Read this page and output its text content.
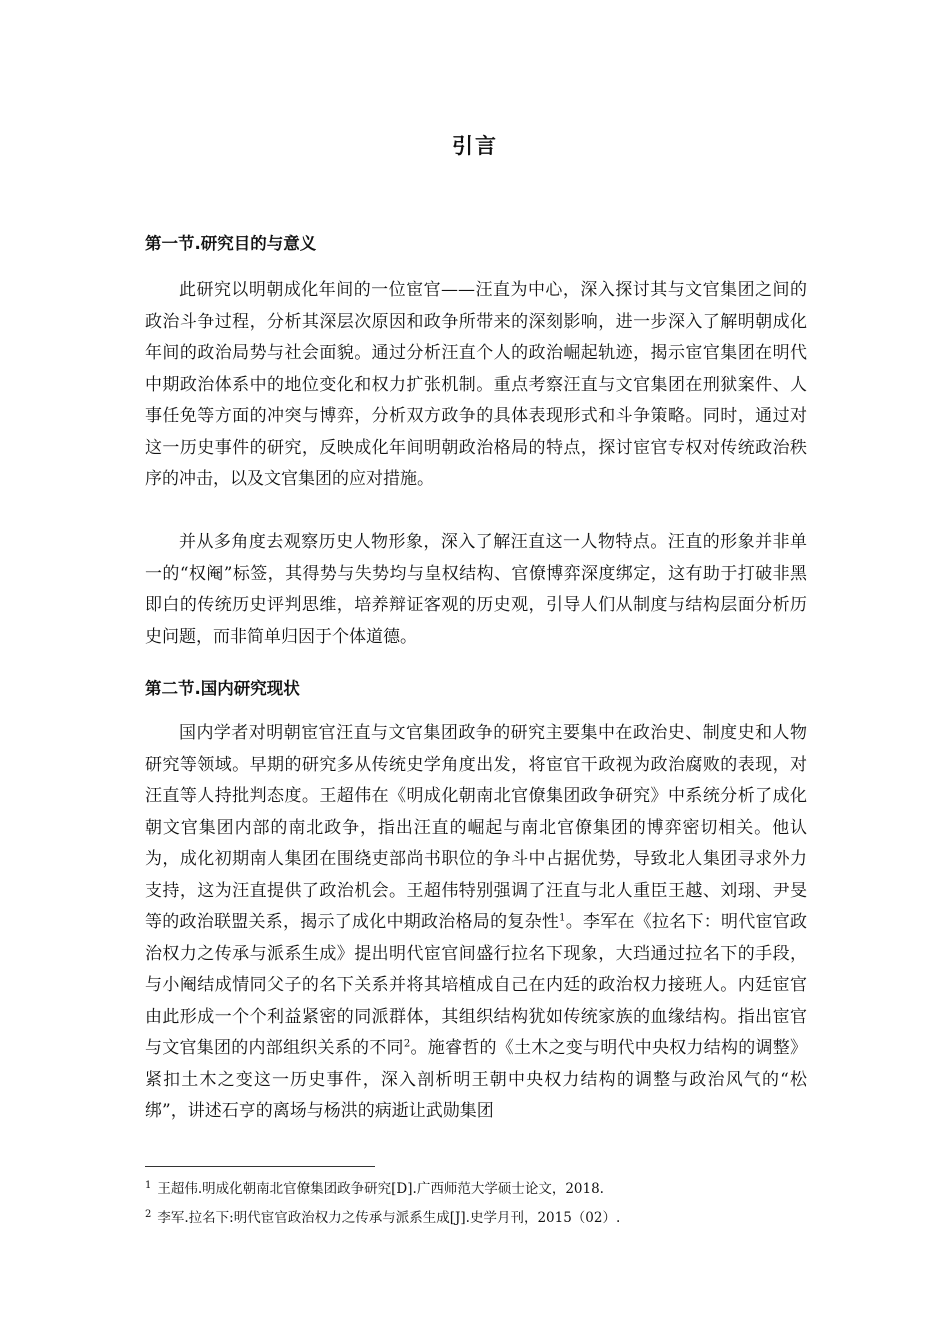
引言
第一节.研究目的与意义

此研究以明朝成化年间的一位宦官——汪直为中心，深入探讨其与文官集团之间的政治斗争过程，分析其深层次原因和政争所带来的深刻影响，进一步深入了解明朝成化年间的政治局势与社会面貌。通过分析汪直个人的政治崛起轨迹，揭示宦官集团在明代中期政治体系中的地位变化和权力扩张机制。重点考察汪直与文官集团在刑狱案件、人事任免等方面的冲突与博弈，分析双方政争的具体表现形式和斗争策略。同时，通过对这一历史事件的研究，反映成化年间明朝政治格局的特点，探讨宦官专权对传统政治秩序的冲击，以及文官集团的应对措施。

并从多角度去观察历史人物形象，深入了解汪直这一人物特点。汪直的形象并非单一的“权阉”标签，其得势与失势均与皇权结构、官僚博弈深度绑定，这有助于打破非黑即白的传统历史评判思维，培养辩证客观的历史观，引导人们从制度与结构层面分析历史问题，而非简单归因于个体道德。

第二节.国内研究现状

国内学者对明朝宦官汪直与文官集团政争的研究主要集中在政治史、制度史和人物研究等领域。早期的研究多从传统史学角度出发，将宦官干政视为政治腐败的表现，对汪直等人持批判态度。王超伟在《明成化朝南北官僚集团政争研究》中系统分析了成化朝文官集团内部的南北政争，指出汪直的崛起与南北官僚集团的博弈密切相关。他认为，成化初期南人集团在围绕吏部尚书职位的争斗中占据优势，导致北人集团寻求外力支持，这为汪直提供了政治机会。王超伟特别强调了汪直与北人重臣王越、刘珝、尹旻等的政治联盟关系，揭示了成化中期政治格局的复杂性$^1$。李军在《拉名下：明代宦官政治权力之传承与派系生成》提出明代宦官间盛行拉名下现象，大珰通过拉名下的手段，与小阉结成情同父子的名下关系并将其培植成自己在内廷的政治权力接班人。内廷宦官由此形成一个个利益紧密的同派群体，其组织结构犹如传统家族的血缘结构。指出宦官与文官集团的内部组织关系的不同$^2$。施睿哲的《土木之变与明代中央权力结构的调整》紧扣土木之变这一历史事件，深入剖析明王朝中央权力结构的调整与政治风气的“松绑”，讲述石亨的离场与杨洪的病逝让武勋集团

$^1$ 王超伟.明成化朝南北官僚集团政争研究[D].广西师范大学硕士论文，2018.
$^2$ 李军.拉名下:明代宦官政治权力之传承与派系生成[J].史学月刊，2015（02）.
